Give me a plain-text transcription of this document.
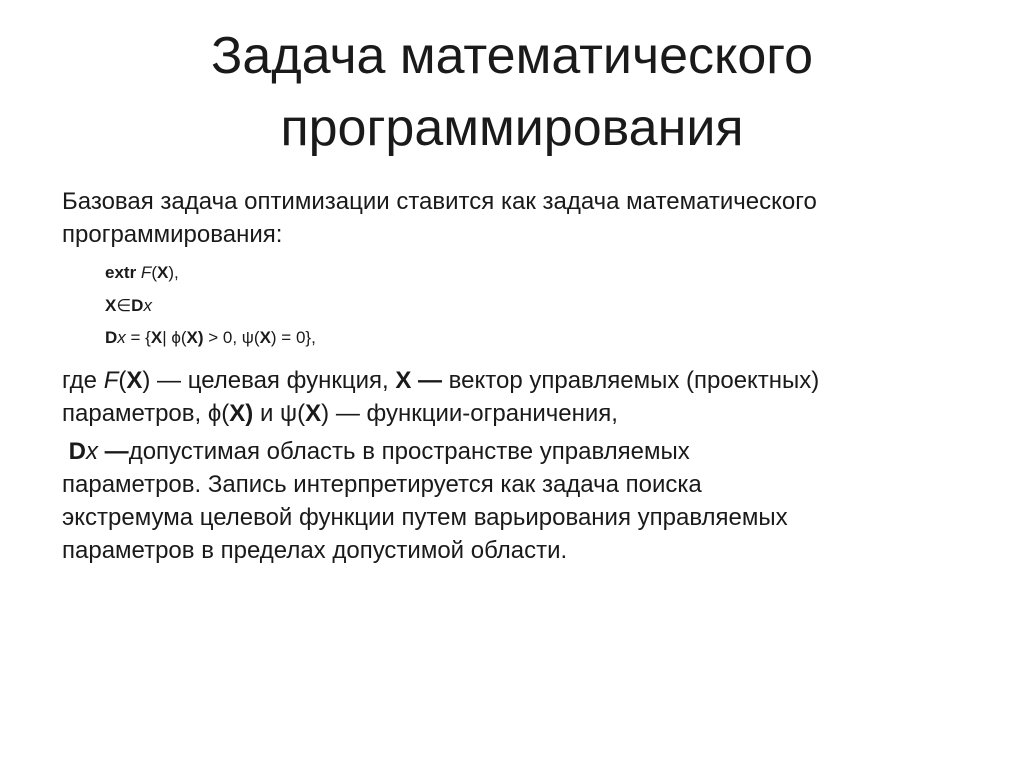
Задача математического
программирования
Базовая задача оптимизации ставится как задача математического
программирования:
extr F(X),
X∈Dx
Dx = {X| ϕ(X) > 0, ψ(X) = 0},
где F(X) — целевая функция, X — вектор управляемых (проектных)
параметров, ϕ(X) и ψ(X) — функции-ограничения,
Dx —допустимая область в пространстве управляемых
параметров. Запись интерпретируется как задача поиска
экстремума целевой функции путем варьирования управляемых
параметров в пределах допустимой области.
